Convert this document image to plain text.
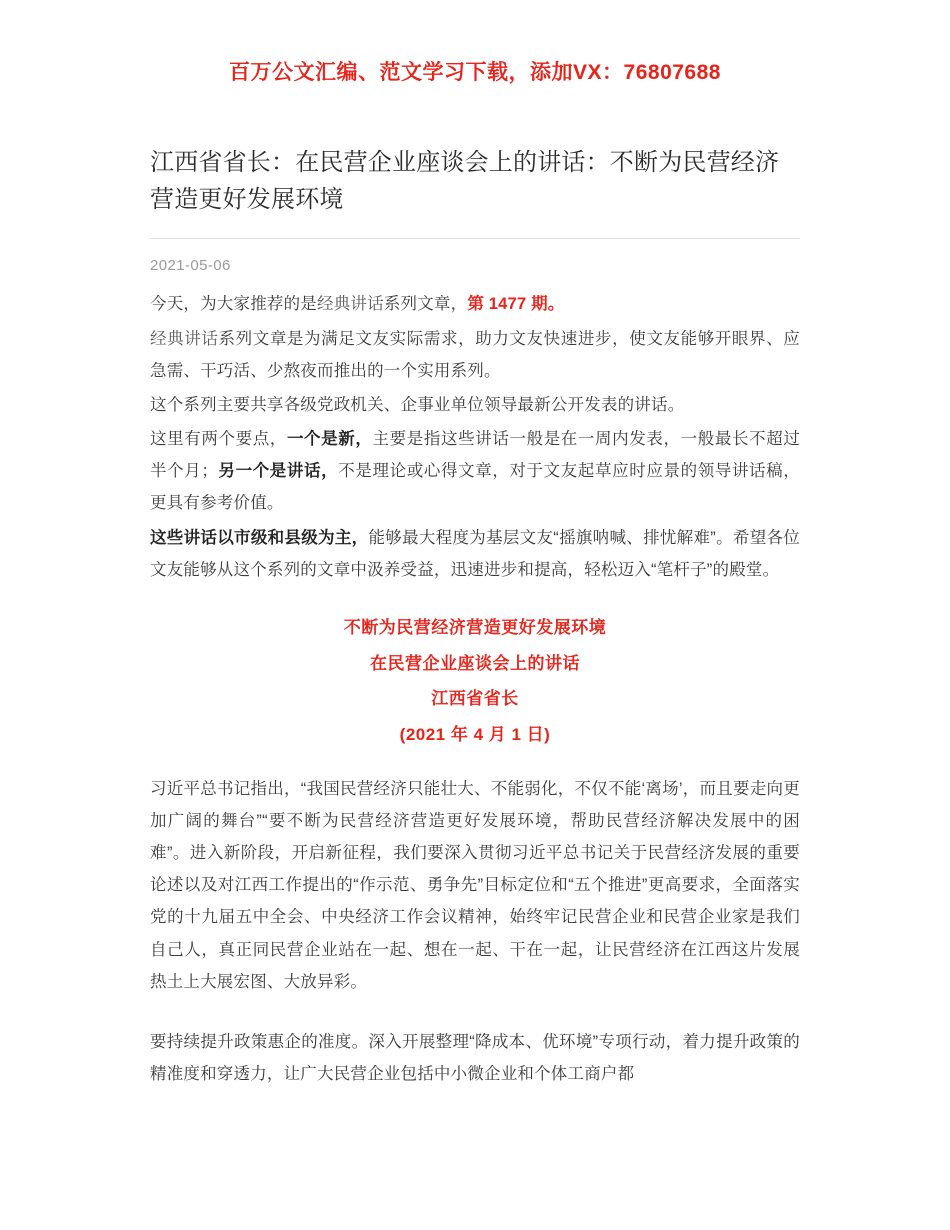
百万公文汇编、范文学习下载，添加VX：76807688
江西省省长：在民营企业座谈会上的讲话：不断为民营经济营造更好发展环境
2021-05-06

今天，为大家推荐的是经典讲话系列文章，第 1477 期。

经典讲话系列文章是为满足文友实际需求，助力文友快速进步，使文友能够开眼界、应急需、干巧活、少熬夜而推出的一个实用系列。

这个系列主要共享各级党政机关、企事业单位领导最新公开发表的讲话。

这里有两个要点，一个是新，主要是指这些讲话一般是在一周内发表，一般最长不超过半个月；另一个是讲话，不是理论或心得文章，对于文友起草应时应景的领导讲话稿，更具有参考价值。

这些讲话以市级和县级为主，能够最大程度为基层文友“摇旗呐喊、排忧解难”。希望各位文友能够从这个系列的文章中汲养受益，迅速进步和提高，轻松迈入“笔杆子”的殿堂。

不断为民营经济营造更好发展环境
在民营企业座谈会上的讲话
江西省省长
(2021 年 4 月 1 日)

习近平总书记指出，“我国民营经济只能壮大、不能弱化，不仅不能‘离场’，而且要走向更加广阔的舞台”“要不断为民营经济营造更好发展环境，帮助民营经济解决发展中的困难”。进入新阶段，开启新征程，我们要深入贯彻习近平总书记关于民营经济发展的重要论述以及对江西工作提出的“作示范、勇争先”目标定位和“五个推进”更高要求，全面落实党的十九届五中全会、中央经济工作会议精神，始终牢记民营企业和民营企业家是我们自己人，真正同民营企业站在一起、想在一起、干在一起，让民营经济在江西这片发展热土上大展宏图、大放异彩。

要持续提升政策惠企的准度。深入开展整理“降成本、优环境”专项行动，着力提升政策的精准度和穿透力，让广大民营企业包括中小微企业和个体工商户都
